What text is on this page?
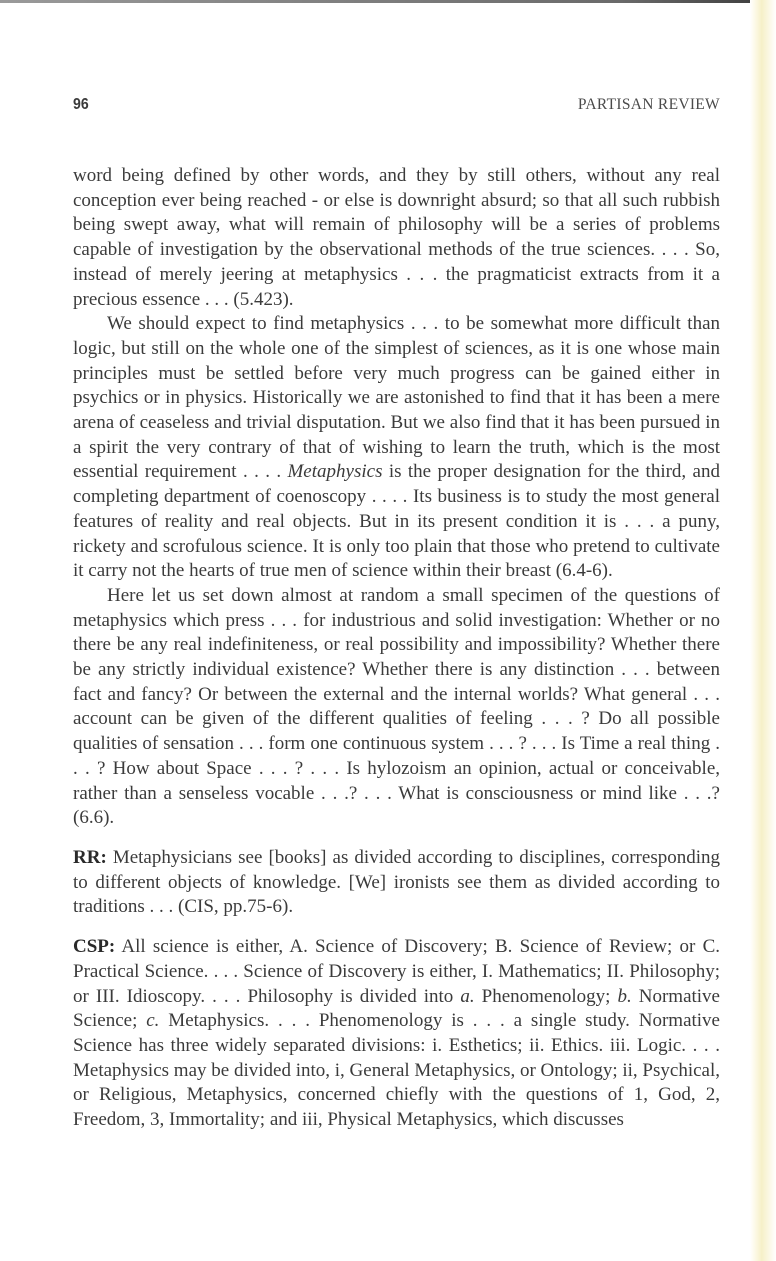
96	PARTISAN REVIEW

word being defined by other words, and they by still others, without any real conception ever being reached - or else is downright absurd; so that all such rubbish being swept away, what will remain of philosophy will be a series of problems capable of investigation by the observational methods of the true sciences. . . . So, instead of merely jeering at metaphysics . . . the pragmaticist extracts from it a precious essence . . . (5.423).

We should expect to find metaphysics . . . to be somewhat more difficult than logic, but still on the whole one of the simplest of sciences, as it is one whose main principles must be settled before very much progress can be gained either in psychics or in physics. Historically we are astonished to find that it has been a mere arena of ceaseless and trivial disputation. But we also find that it has been pursued in a spirit the very contrary of that of wishing to learn the truth, which is the most essential requirement . . . . Metaphysics is the proper designation for the third, and completing department of coenoscopy . . . . Its business is to study the most general features of reality and real objects. But in its present condition it is . . . a puny, rickety and scrofulous science. It is only too plain that those who pretend to cultivate it carry not the hearts of true men of science within their breast (6.4-6).

Here let us set down almost at random a small specimen of the questions of metaphysics which press . . . for industrious and solid investigation: Whether or no there be any real indefiniteness, or real possibility and impossibility? Whether there be any strictly individual existence? Whether there is any distinction . . . between fact and fancy? Or between the external and the internal worlds? What general . . . account can be given of the different qualities of feeling . . . ? Do all possible qualities of sensation . . . form one continuous system . . . ? . . . Is Time a real thing . . . ? How about Space . . . ? . . . Is hylozoism an opinion, actual or conceivable, rather than a senseless vocable . . .? . . . What is consciousness or mind like . . .? (6.6).

RR: Metaphysicians see [books] as divided according to disciplines, corresponding to different objects of knowledge. [We] ironists see them as divided according to traditions . . . (CIS, pp.75-6).

CSP: All science is either, A. Science of Discovery; B. Science of Review; or C. Practical Science. . . . Science of Discovery is either, I. Mathematics; II. Philosophy; or III. Idioscopy. . . . Philosophy is divided into a. Phenomenology; b. Normative Science; c. Metaphysics. . . . Phenomenology is . . . a single study. Normative Science has three widely separated divisions: i. Esthetics; ii. Ethics. iii. Logic. . . . Metaphysics may be divided into, i, General Metaphysics, or Ontology; ii, Psychical, or Religious, Metaphysics, concerned chiefly with the questions of 1, God, 2, Freedom, 3, Immortality; and iii, Physical Metaphysics, which discusses
